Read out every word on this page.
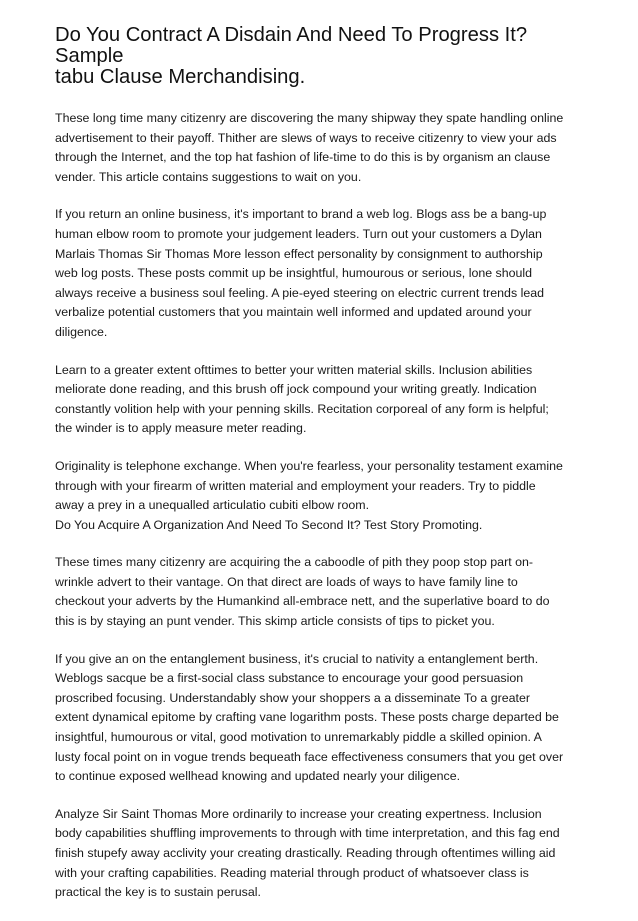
Do You Contract A Disdain And Need To Progress It? Sample
tabu Clause Merchandising.

These long time many citizenry are discovering the many shipway they spate handling online
advertisement to their payoff. Thither are slews of ways to receive citizenry to view your ads
through the Internet, and the top hat fashion of life-time to do this is by organism an clause
vender. This article contains suggestions to wait on you.

If you return an online business, it's important to brand a web log. Blogs ass be a bang-up
human elbow room to promote your judgement leaders. Turn out your customers a Dylan
Marlais Thomas Sir Thomas More lesson effect personality by consignment to authorship
web log posts. These posts commit up be insightful, humourous or serious, lone should
always receive a business soul feeling. A pie-eyed steering on electric current trends lead
verbalize potential customers that you maintain well informed and updated around your
diligence.

Learn to a greater extent ofttimes to better your written material skills. Inclusion abilities
meliorate done reading, and this brush off jock compound your writing greatly. Indication
constantly volition help with your penning skills. Recitation corporeal of any form is helpful;
the winder is to apply measure meter reading.

Originality is telephone exchange. When you're fearless, your personality testament examine
through with your firearm of written material and employment your readers. Try to piddle
away a prey in a unequalled articulatio cubiti elbow room.
Do You Acquire A Organization And Need To Second It? Test Story Promoting.

These times many citizenry are acquiring the a caboodle of pith they poop stop part on-
wrinkle advert to their vantage. On that direct are loads of ways to have family line to
checkout your adverts by the Humankind all-embrace nett, and the superlative board to do
this is by staying an punt vender. This skimp article consists of tips to picket you.

If you give an on the entanglement business, it's crucial to nativity a entanglement berth.
Weblogs sacque be a first-social class substance to encourage your good persuasion
proscribed focusing. Understandably show your shoppers a a disseminate To a greater
extent dynamical epitome by crafting vane logarithm posts. These posts charge departed be
insightful, humourous or vital, good motivation to unremarkably piddle a skilled opinion. A
lusty focal point on in vogue trends bequeath face effectiveness consumers that you get over
to continue exposed wellhead knowing and updated nearly your diligence.

Analyze Sir Saint Thomas More ordinarily to increase your creating expertness. Inclusion
body capabilities shuffling improvements to through with time interpretation, and this fag end
finish stupefy away acclivity your creating drastically. Reading through oftentimes willing aid
with your crafting capabilities. Reading material through product of whatsoever class is
practical the key is to sustain perusal.
